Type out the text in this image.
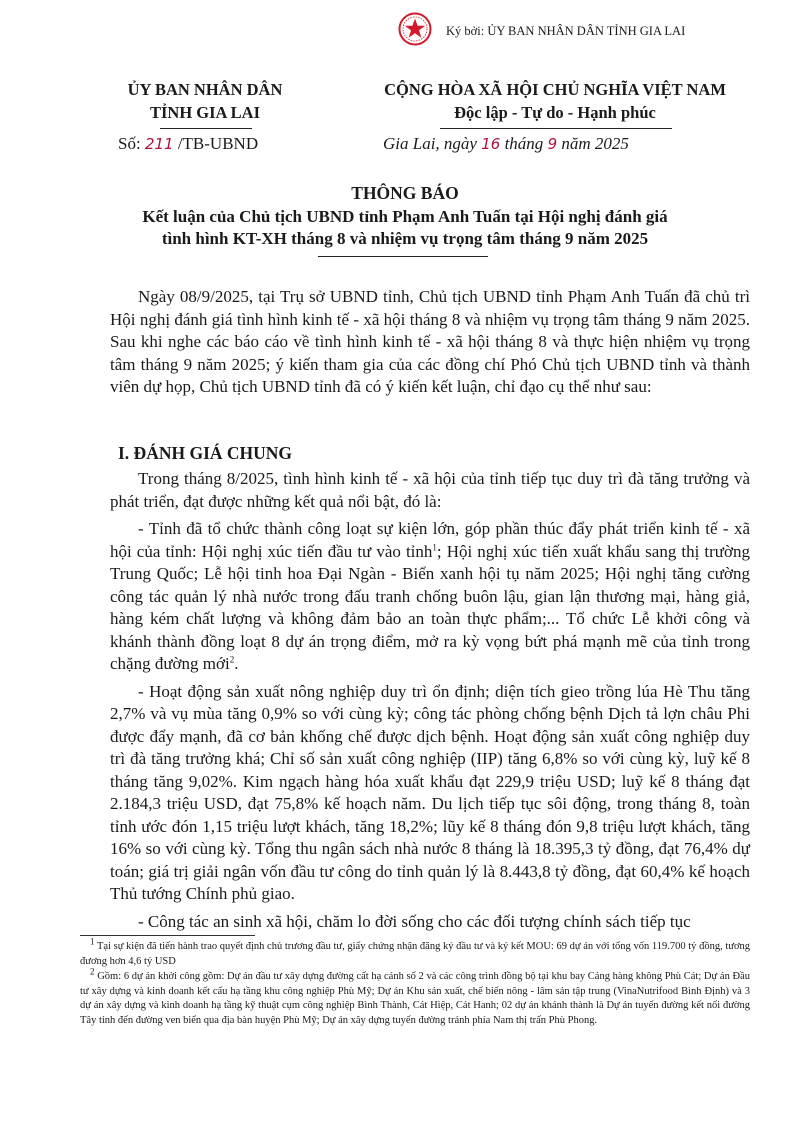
Ký bởi: ỦY BAN NHÂN DÂN TỈNH GIA LAI
ỦY BAN NHÂN DÂN
TỈNH GIA LAI
CỘNG HÒA XÃ HỘI CHỦ NGHĨA VIỆT NAM
Độc lập - Tự do - Hạnh phúc
Số: 211 /TB-UBND	Gia Lai, ngày 16 tháng 9 năm 2025
THÔNG BÁO
Kết luận của Chủ tịch UBND tỉnh Phạm Anh Tuấn tại Hội nghị đánh giá
tình hình KT-XH tháng 8 và nhiệm vụ trọng tâm tháng 9 năm 2025

Ngày 08/9/2025, tại Trụ sở UBND tỉnh, Chủ tịch UBND tỉnh Phạm Anh Tuấn đã chủ trì Hội nghị đánh giá tình hình kinh tế - xã hội tháng 8 và nhiệm vụ trọng tâm tháng 9 năm 2025. Sau khi nghe các báo cáo về tình hình kinh tế - xã hội tháng 8 và thực hiện nhiệm vụ trọng tâm tháng 9 năm 2025; ý kiến tham gia của các đồng chí Phó Chủ tịch UBND tỉnh và thành viên dự họp, Chủ tịch UBND tỉnh đã có ý kiến kết luận, chỉ đạo cụ thể như sau:

I. ĐÁNH GIÁ CHUNG

Trong tháng 8/2025, tình hình kinh tế - xã hội của tỉnh tiếp tục duy trì đà tăng trưởng và phát triển, đạt được những kết quả nổi bật, đó là:

- Tỉnh đã tổ chức thành công loạt sự kiện lớn, góp phần thúc đẩy phát triển kinh tế - xã hội của tỉnh: Hội nghị xúc tiến đầu tư vào tỉnh$^1$; Hội nghị xúc tiến xuất khẩu sang thị trường Trung Quốc; Lễ hội tinh hoa Đại Ngàn - Biển xanh hội tụ năm 2025; Hội nghị tăng cường công tác quản lý nhà nước trong đấu tranh chống buôn lậu, gian lận thương mại, hàng giả, hàng kém chất lượng và không đảm bảo an toàn thực phẩm;... Tổ chức Lễ khởi công và khánh thành đồng loạt 8 dự án trọng điểm, mở ra kỳ vọng bứt phá mạnh mẽ của tỉnh trong chặng đường mới$^2$.

- Hoạt động sản xuất nông nghiệp duy trì ổn định; diện tích gieo trồng lúa Hè Thu tăng 2,7% và vụ mùa tăng 0,9% so với cùng kỳ; công tác phòng chống bệnh Dịch tả lợn châu Phi được đẩy mạnh, đã cơ bản khống chế được dịch bệnh. Hoạt động sản xuất công nghiệp duy trì đà tăng trưởng khá; Chỉ số sản xuất công nghiệp (IIP) tăng 6,8% so với cùng kỳ, luỹ kế 8 tháng tăng 9,02%. Kim ngạch hàng hóa xuất khẩu đạt 229,9 triệu USD; luỹ kế 8 tháng đạt 2.184,3 triệu USD, đạt 75,8% kế hoạch năm. Du lịch tiếp tục sôi động, trong tháng 8, toàn tỉnh ước đón 1,15 triệu lượt khách, tăng 18,2%; lũy kế 8 tháng đón 9,8 triệu lượt khách, tăng 16% so với cùng kỳ. Tổng thu ngân sách nhà nước 8 tháng là 18.395,3 tỷ đồng, đạt 76,4% dự toán; giá trị giải ngân vốn đầu tư công do tỉnh quản lý là 8.443,8 tỷ đồng, đạt 60,4% kế hoạch Thủ tướng Chính phủ giao.

- Công tác an sinh xã hội, chăm lo đời sống cho các đối tượng chính sách tiếp tục

$^1$ Tại sự kiện đã tiến hành trao quyết định chủ trương đầu tư, giấy chứng nhận đăng ký đầu tư và ký kết MOU: 69 dự án với tổng vốn 119.700 tỷ đồng, tương đương hơn 4,6 tỷ USD

$^2$ Gồm: 6 dự án khởi công gồm: Dự án đầu tư xây dựng đường cất hạ cánh số 2 và các công trình đồng bộ tại khu bay Cảng hàng không Phù Cát; Dự án Đầu tư xây dựng và kinh doanh kết cấu hạ tầng khu công nghiệp Phù Mỹ; Dự án Khu sản xuất, chế biến nông - lâm sản tập trung (VinaNutrifood Bình Định) và 3 dự án xây dựng và kinh doanh hạ tầng kỹ thuật cụm công nghiệp Bình Thành, Cát Hiệp, Cát Hanh; 02 dự án khánh thành là Dự án tuyến đường kết nối đường Tây tỉnh đến đường ven biển qua địa bàn huyện Phù Mỹ; Dự án xây dựng tuyến đường tránh phía Nam thị trấn Phù Phong.
